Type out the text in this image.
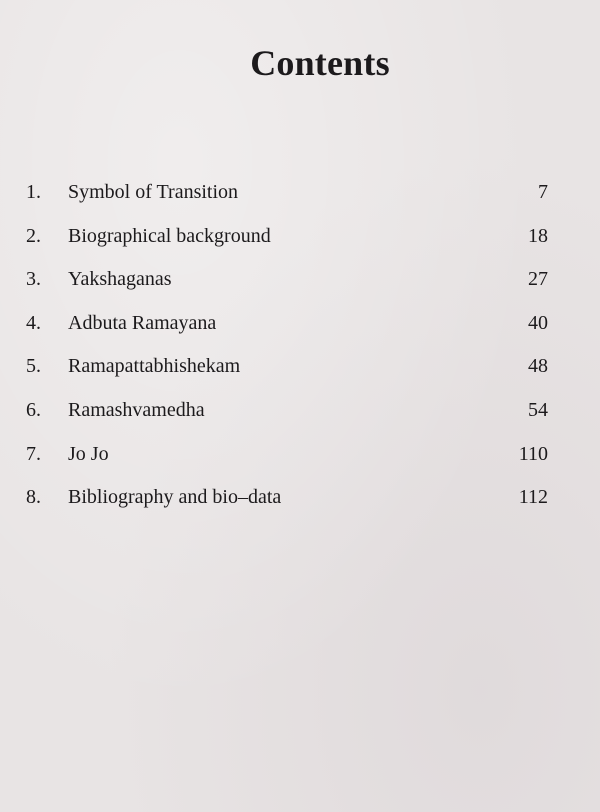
Contents
1.	Symbol of Transition	7
2.	Biographical background	18
3.	Yakshaganas	27
4.	Adbuta Ramayana	40
5.	Ramapattabhishekam	48
6.	Ramashvamedha	54
7.	Jo Jo	110
8.	Bibliography and bio–data	112
